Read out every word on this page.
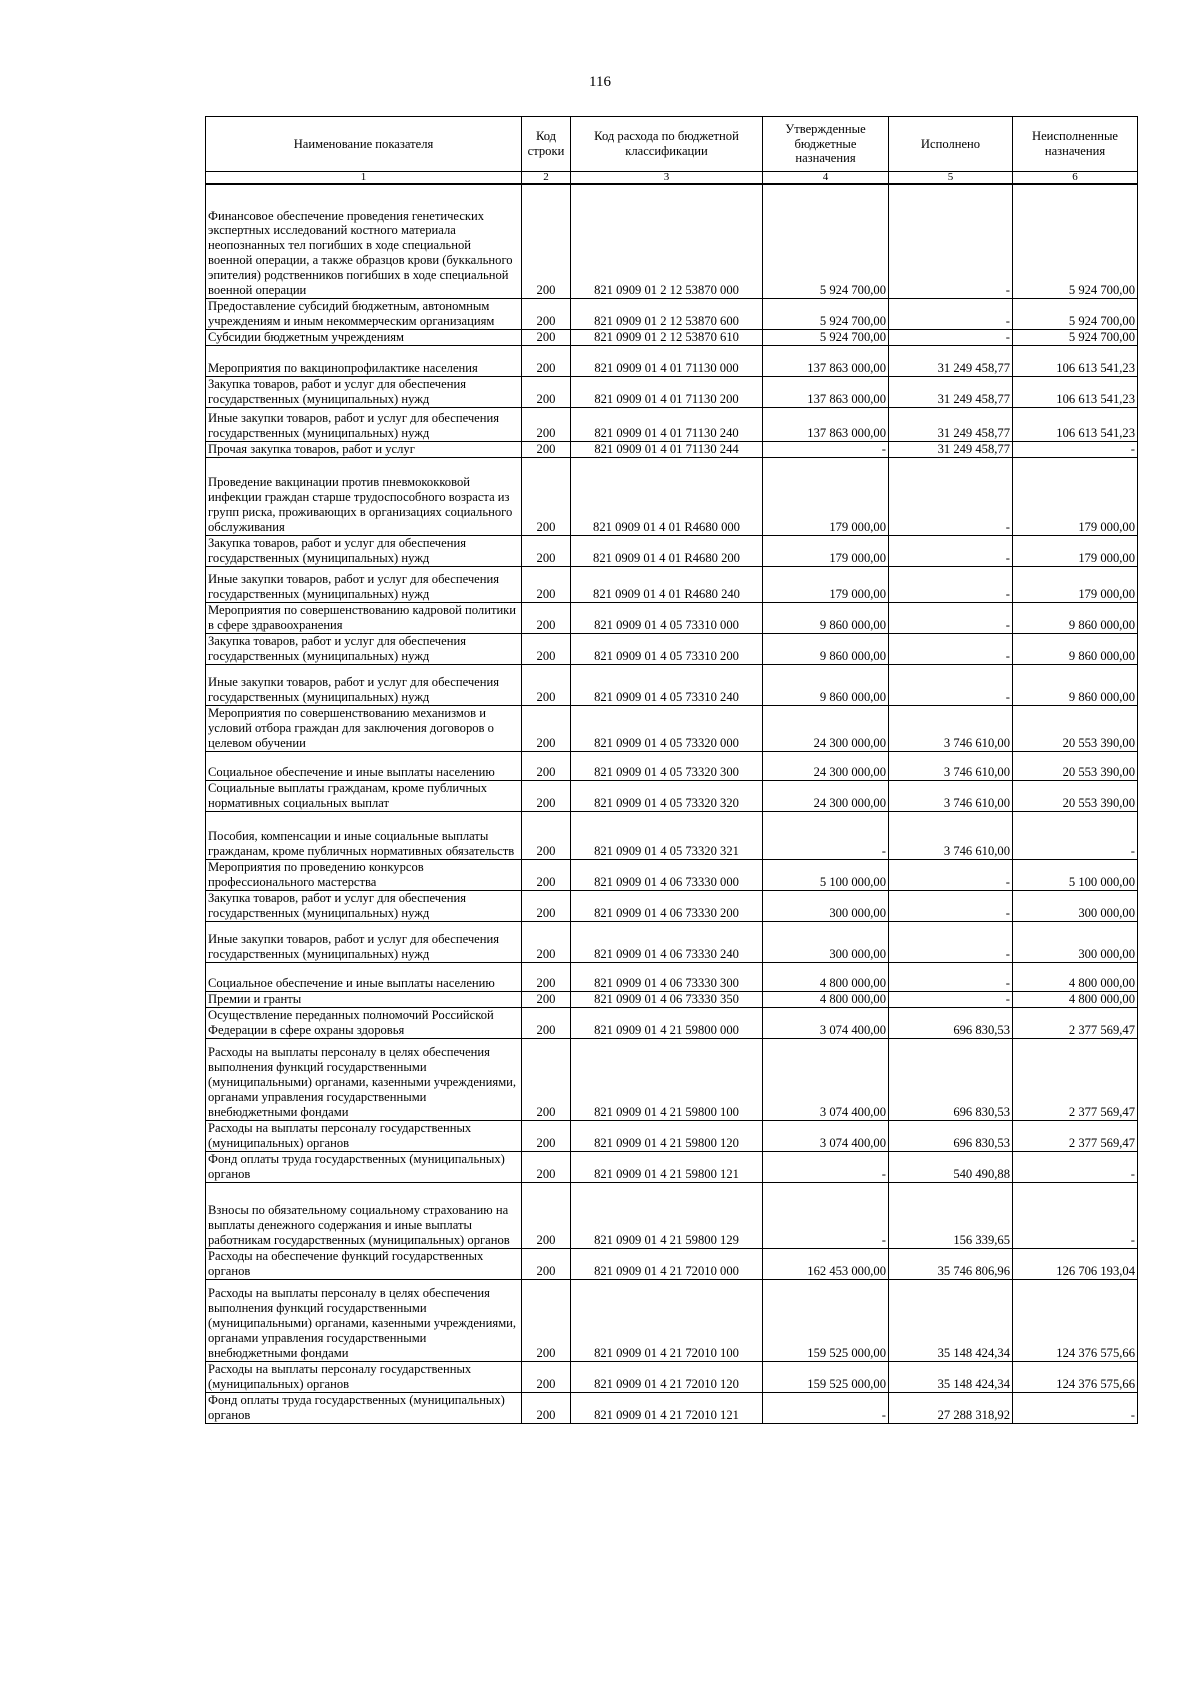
116
Наименование показателя	Код строки	Код расхода по бюджетной классификации	Утвержденные бюджетные назначения	Исполнено	Неисполненные назначения
1	2	3	4	5	6
Финансовое обеспечение проведения генетических экспертных исследований костного материала неопознанных тел погибших в ходе специальной военной операции, а также образцов крови (буккального эпителия) родственников погибших в ходе специальной военной операции	200	821 0909 01 2 12 53870 000	5 924 700,00	-	5 924 700,00
Предоставление субсидий бюджетным, автономным учреждениям и иным некоммерческим организациям	200	821 0909 01 2 12 53870 600	5 924 700,00	-	5 924 700,00
Субсидии бюджетным учреждениям	200	821 0909 01 2 12 53870 610	5 924 700,00	-	5 924 700,00
Мероприятия по вакцинопрофилактике населения	200	821 0909 01 4 01 71130 000	137 863 000,00	31 249 458,77	106 613 541,23
Закупка товаров, работ и услуг для обеспечения государственных (муниципальных) нужд	200	821 0909 01 4 01 71130 200	137 863 000,00	31 249 458,77	106 613 541,23
Иные закупки товаров, работ и услуг для обеспечения государственных (муниципальных) нужд	200	821 0909 01 4 01 71130 240	137 863 000,00	31 249 458,77	106 613 541,23
Прочая закупка товаров, работ и услуг	200	821 0909 01 4 01 71130 244	-	31 249 458,77	-
Проведение вакцинации против пневмококковой инфекции граждан старше трудоспособного возраста из групп риска, проживающих в организациях социального обслуживания	200	821 0909 01 4 01 R4680 000	179 000,00	-	179 000,00
Закупка товаров, работ и услуг для обеспечения государственных (муниципальных) нужд	200	821 0909 01 4 01 R4680 200	179 000,00	-	179 000,00
Иные закупки товаров, работ и услуг для обеспечения государственных (муниципальных) нужд	200	821 0909 01 4 01 R4680 240	179 000,00	-	179 000,00
Мероприятия по совершенствованию кадровой политики в сфере здравоохранения	200	821 0909 01 4 05 73310 000	9 860 000,00	-	9 860 000,00
Закупка товаров, работ и услуг для обеспечения государственных (муниципальных) нужд	200	821 0909 01 4 05 73310 200	9 860 000,00	-	9 860 000,00
Иные закупки товаров, работ и услуг для обеспечения государственных (муниципальных) нужд	200	821 0909 01 4 05 73310 240	9 860 000,00	-	9 860 000,00
Мероприятия по совершенствованию механизмов и условий отбора граждан для заключения договоров о целевом обучении	200	821 0909 01 4 05 73320 000	24 300 000,00	3 746 610,00	20 553 390,00
Социальное обеспечение и иные выплаты населению	200	821 0909 01 4 05 73320 300	24 300 000,00	3 746 610,00	20 553 390,00
Социальные выплаты гражданам, кроме публичных нормативных социальных выплат	200	821 0909 01 4 05 73320 320	24 300 000,00	3 746 610,00	20 553 390,00
Пособия, компенсации и иные социальные выплаты гражданам, кроме публичных нормативных обязательств	200	821 0909 01 4 05 73320 321	-	3 746 610,00	-
Мероприятия по проведению конкурсов профессионального мастерства	200	821 0909 01 4 06 73330 000	5 100 000,00	-	5 100 000,00
Закупка товаров, работ и услуг для обеспечения государственных (муниципальных) нужд	200	821 0909 01 4 06 73330 200	300 000,00	-	300 000,00
Иные закупки товаров, работ и услуг для обеспечения государственных (муниципальных) нужд	200	821 0909 01 4 06 73330 240	300 000,00	-	300 000,00
Социальное обеспечение и иные выплаты населению	200	821 0909 01 4 06 73330 300	4 800 000,00	-	4 800 000,00
Премии и гранты	200	821 0909 01 4 06 73330 350	4 800 000,00	-	4 800 000,00
Осуществление переданных полномочий Российской Федерации в сфере охраны здоровья	200	821 0909 01 4 21 59800 000	3 074 400,00	696 830,53	2 377 569,47
Расходы на выплаты персоналу в целях обеспечения выполнения функций государственными (муниципальными) органами, казенными учреждениями, органами управления государственными внебюджетными фондами	200	821 0909 01 4 21 59800 100	3 074 400,00	696 830,53	2 377 569,47
Расходы на выплаты персоналу государственных (муниципальных) органов	200	821 0909 01 4 21 59800 120	3 074 400,00	696 830,53	2 377 569,47
Фонд оплаты труда государственных (муниципальных) органов	200	821 0909 01 4 21 59800 121	-	540 490,88	-
Взносы по обязательному социальному страхованию на выплаты денежного содержания и иные выплаты работникам государственных (муниципальных) органов	200	821 0909 01 4 21 59800 129	-	156 339,65	-
Расходы на обеспечение функций государственных органов	200	821 0909 01 4 21 72010 000	162 453 000,00	35 746 806,96	126 706 193,04
Расходы на выплаты персоналу в целях обеспечения выполнения функций государственными (муниципальными) органами, казенными учреждениями, органами управления государственными внебюджетными фондами	200	821 0909 01 4 21 72010 100	159 525 000,00	35 148 424,34	124 376 575,66
Расходы на выплаты персоналу государственных (муниципальных) органов	200	821 0909 01 4 21 72010 120	159 525 000,00	35 148 424,34	124 376 575,66
Фонд оплаты труда государственных (муниципальных) органов	200	821 0909 01 4 21 72010 121	-	27 288 318,92	-
